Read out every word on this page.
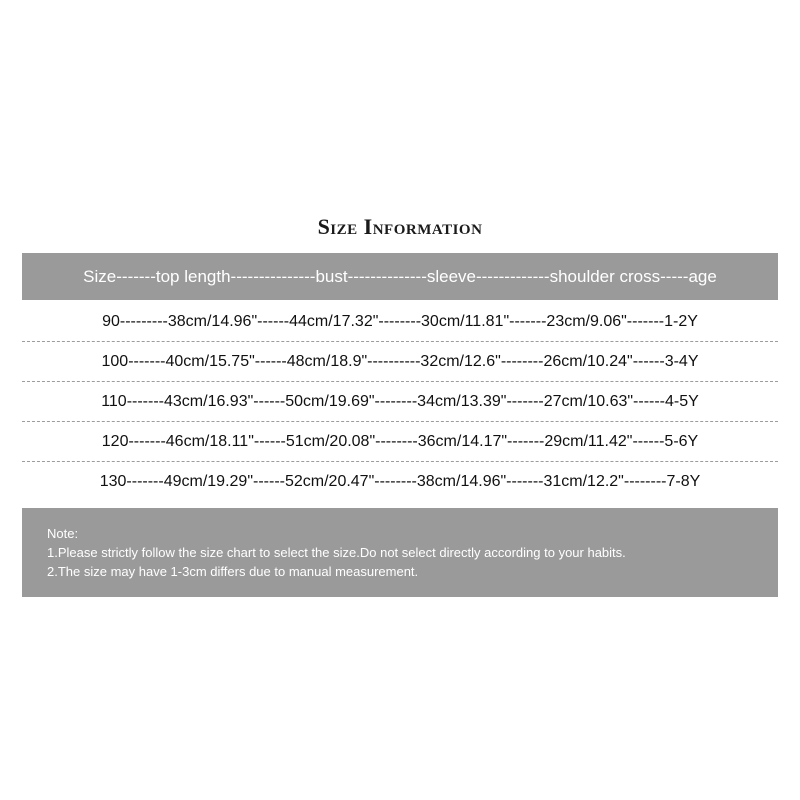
Size Information
Size-------top length---------------bust--------------sleeve-------------shoulder cross-----age
90---------38cm/14.96"------44cm/17.32"--------30cm/11.81"-------23cm/9.06"-------1-2Y
100-------40cm/15.75"------48cm/18.9"----------32cm/12.6"--------26cm/10.24"------3-4Y
110-------43cm/16.93"------50cm/19.69"--------34cm/13.39"-------27cm/10.63"------4-5Y
120-------46cm/18.11"------51cm/20.08"--------36cm/14.17"-------29cm/11.42"------5-6Y
130-------49cm/19.29"------52cm/20.47"--------38cm/14.96"-------31cm/12.2"--------7-8Y
Note:
1.Please strictly follow the size chart to select the size.Do not select directly according to your habits.
2.The size may have 1-3cm differs due to manual measurement.
